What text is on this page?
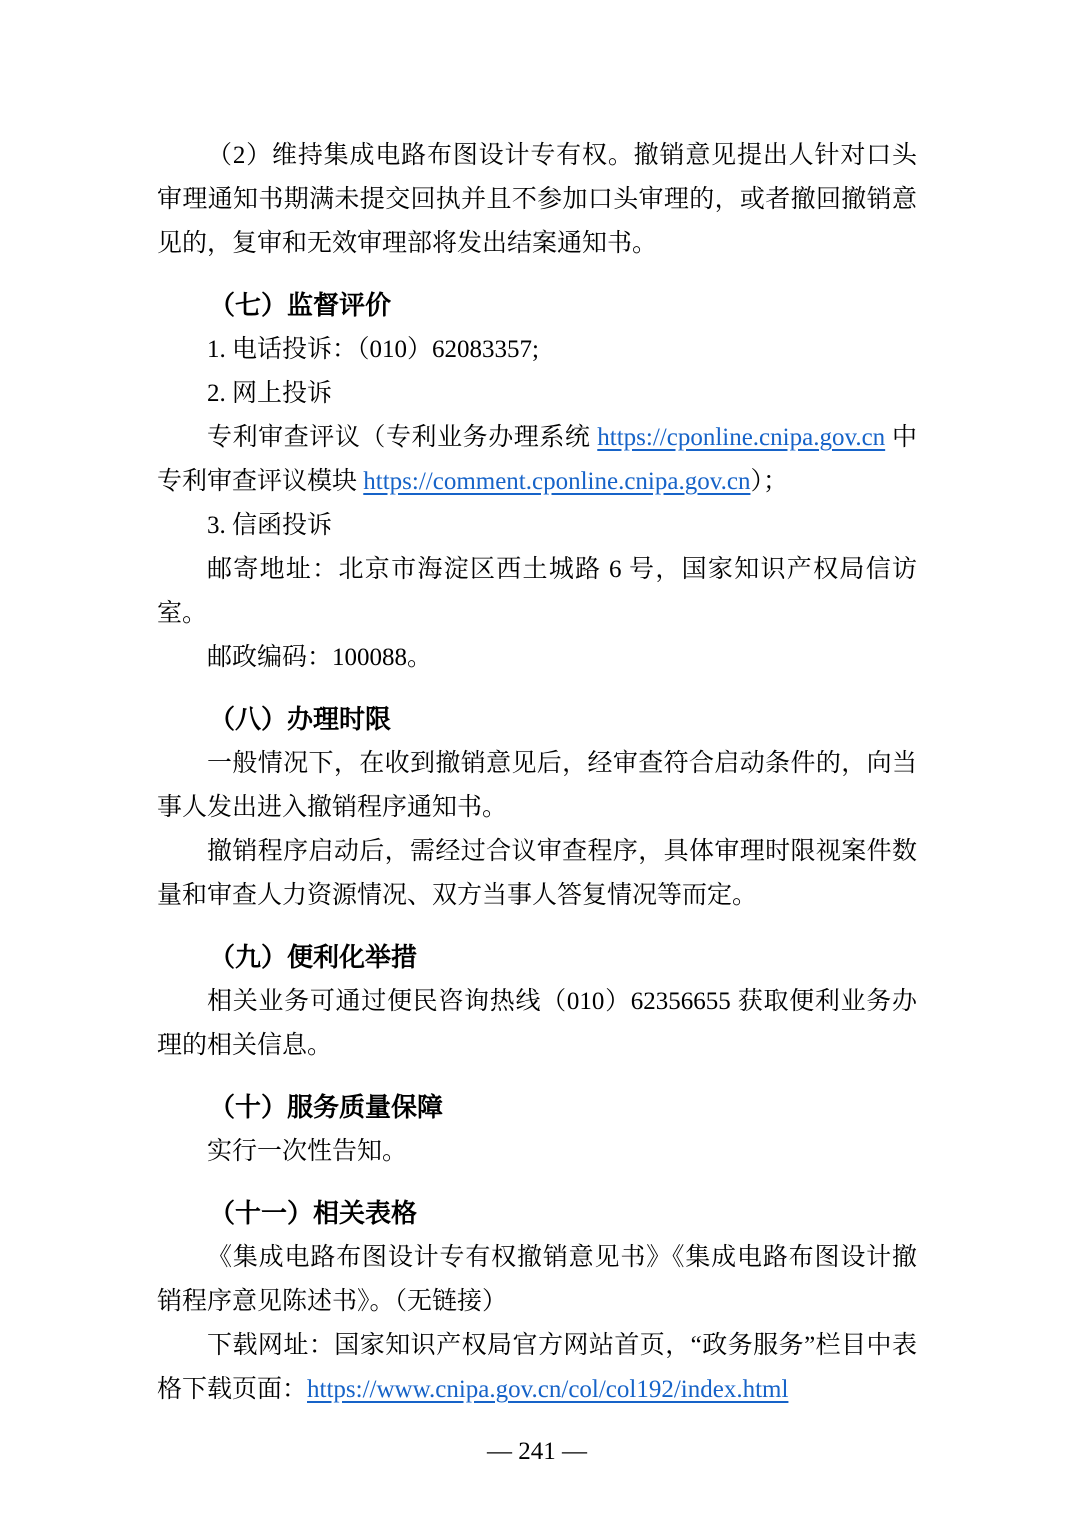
（2）维持集成电路布图设计专有权。撤销意见提出人针对口头审理通知书期满未提交回执并且不参加口头审理的，或者撤回撤销意见的，复审和无效审理部将发出结案通知书。

（七）监督评价

1. 电话投诉：（010）62083357;

2. 网上投诉

专利审查评议（专利业务办理系统 https://cponline.cnipa.gov.cn 中专利审查评议模块 https://comment.cponline.cnipa.gov.cn）；

3. 信函投诉

邮寄地址：北京市海淀区西土城路 6 号，国家知识产权局信访室。

邮政编码：100088。

（八）办理时限

一般情况下，在收到撤销意见后，经审查符合启动条件的，向当事人发出进入撤销程序通知书。

撤销程序启动后，需经过合议审查程序，具体审理时限视案件数量和审查人力资源情况、双方当事人答复情况等而定。

（九）便利化举措

相关业务可通过便民咨询热线（010）62356655 获取便利业务办理的相关信息。

（十）服务质量保障

实行一次性告知。

（十一）相关表格

《集成电路布图设计专有权撤销意见书》《集成电路布图设计撤销程序意见陈述书》。（无链接）

下载网址：国家知识产权局官方网站首页，“政务服务”栏目中表格下载页面：https://www.cnipa.gov.cn/col/col192/index.html

— 241 —
